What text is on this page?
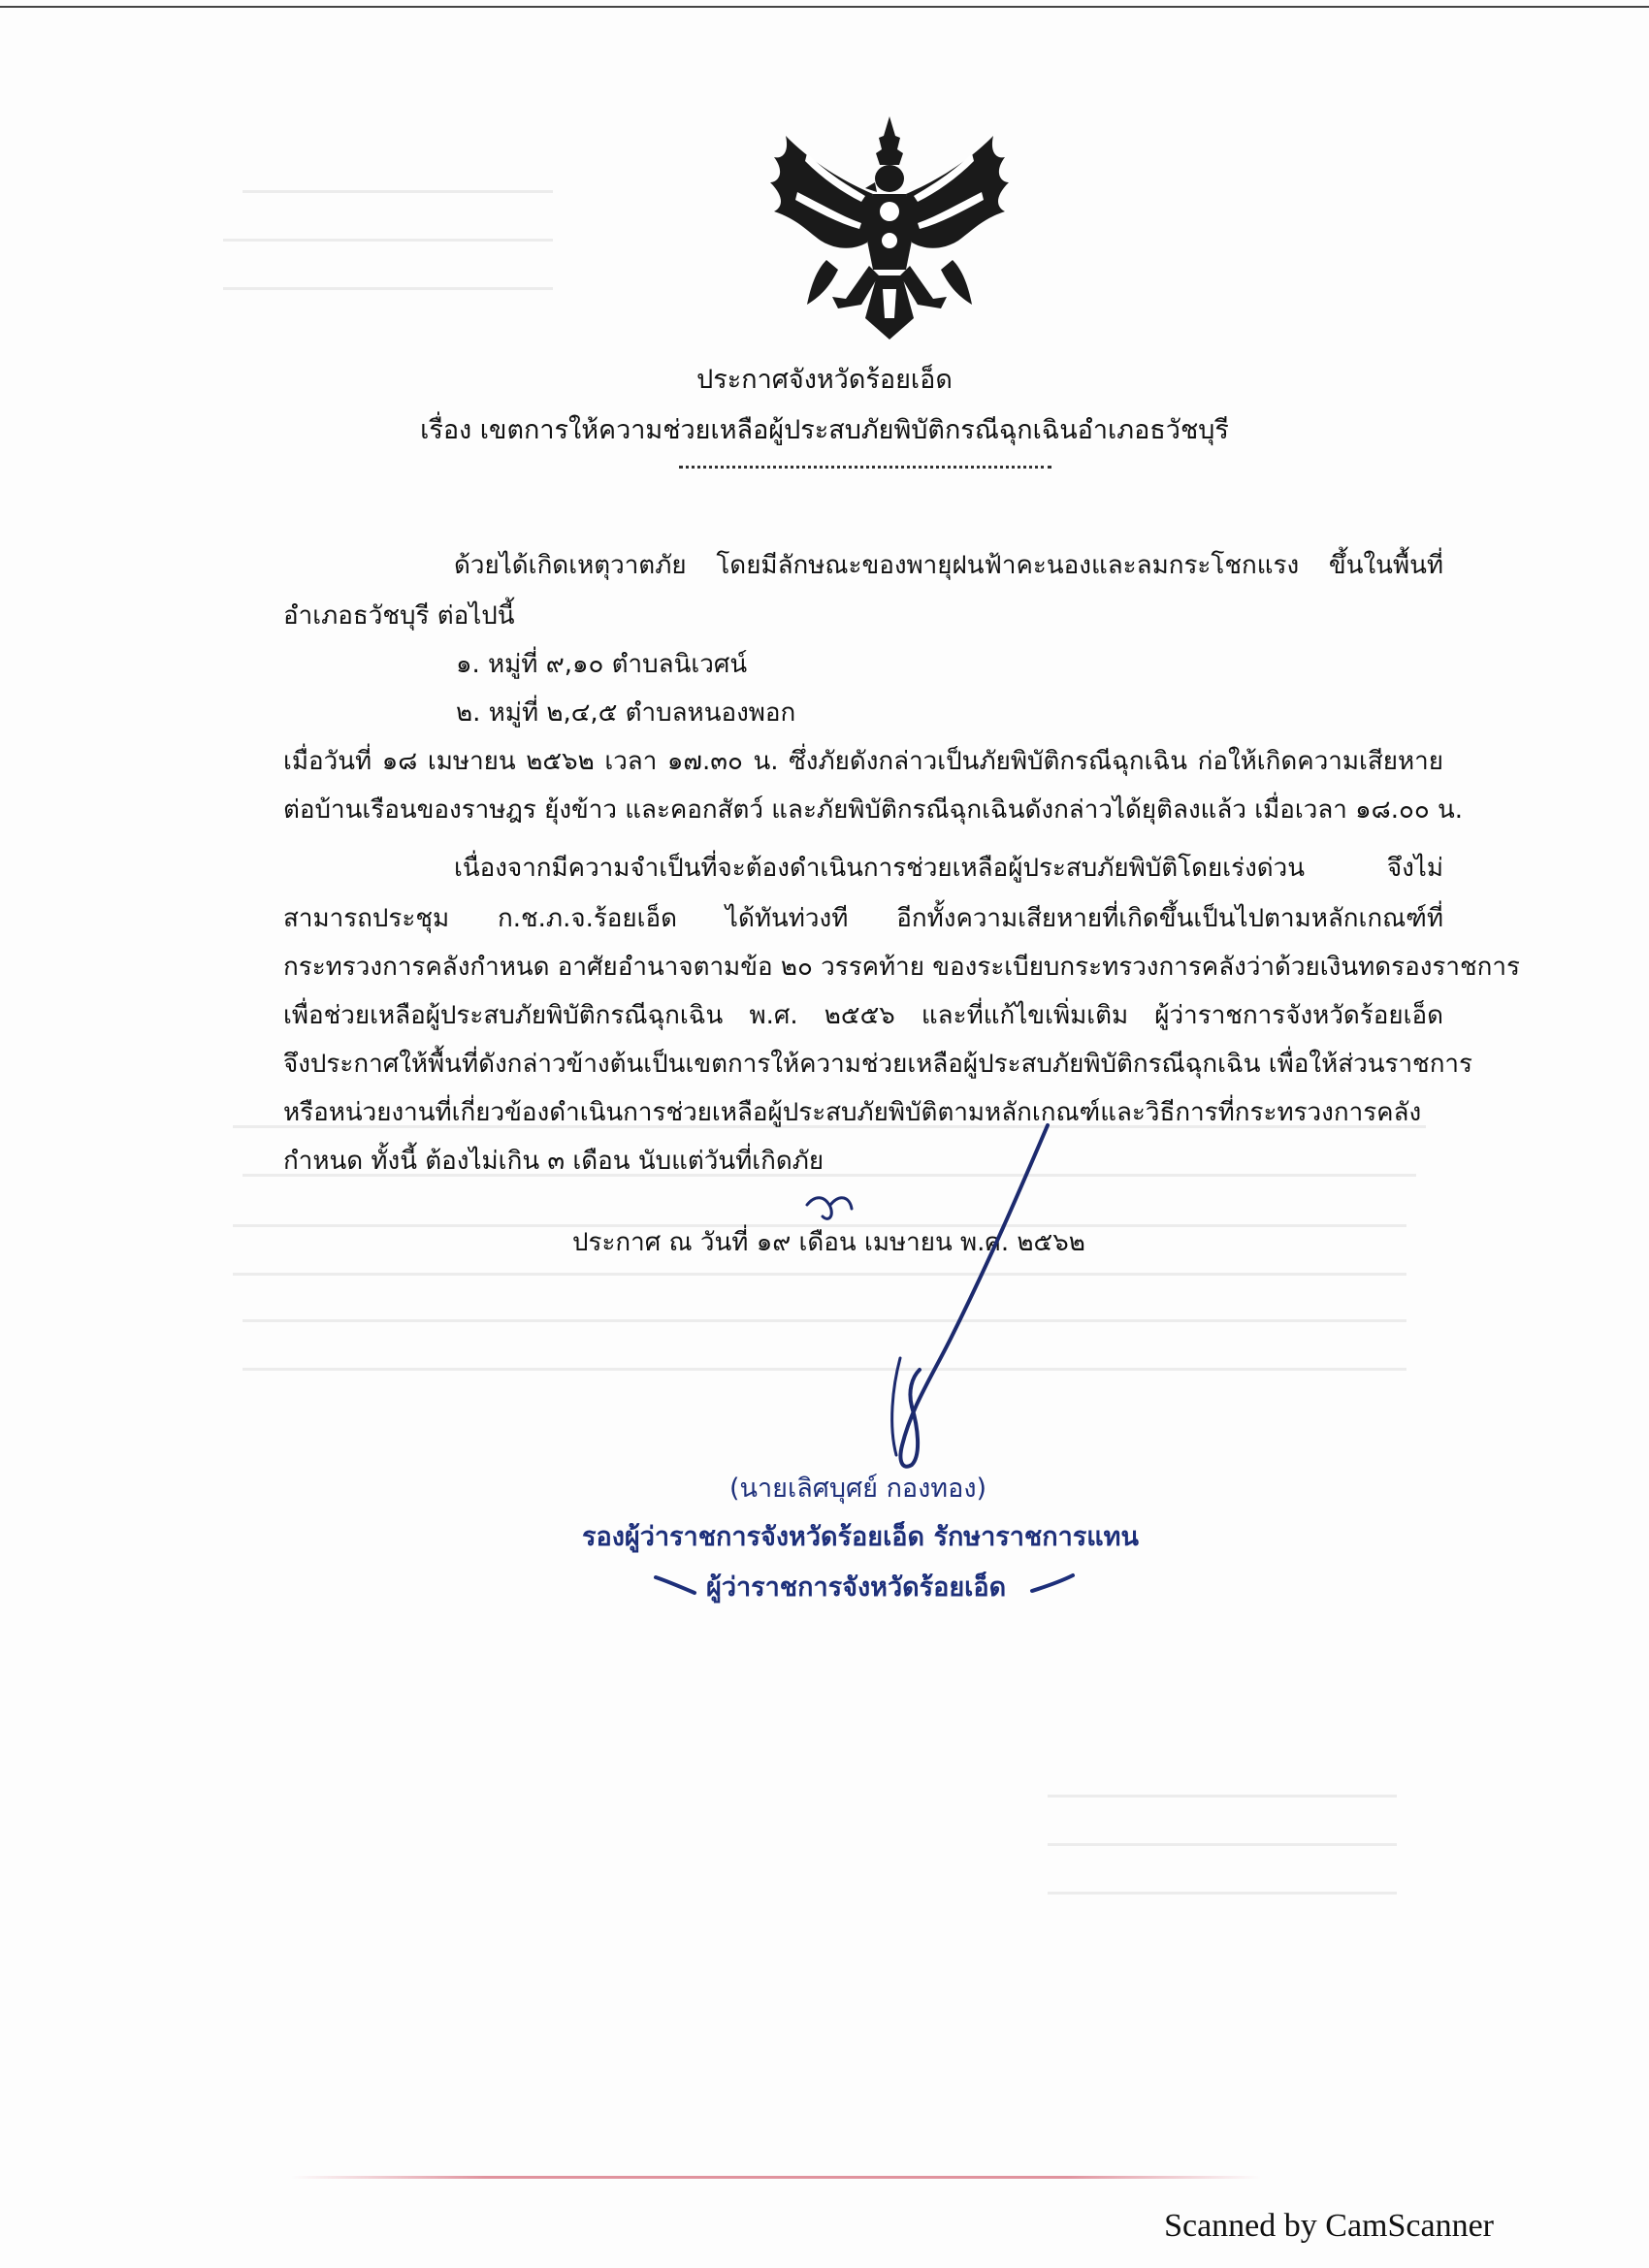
ประกาศจังหวัดร้อยเอ็ด
เรื่อง เขตการให้ความช่วยเหลือผู้ประสบภัยพิบัติกรณีฉุกเฉินอำเภอธวัชบุรี
ด้วยได้เกิดเหตุวาตภัย โดยมีลักษณะของพายุฝนฟ้าคะนองและลมกระโชกแรง ขึ้นในพื้นที่
อำเภอธวัชบุรี ต่อไปนี้
๑. หมู่ที่ ๙,๑๐ ตำบลนิเวศน์
๒. หมู่ที่ ๒,๔,๕ ตำบลหนองพอก
เมื่อวันที่ ๑๘ เมษายน ๒๕๖๒ เวลา ๑๗.๓๐ น. ซึ่งภัยดังกล่าวเป็นภัยพิบัติกรณีฉุกเฉิน ก่อให้เกิดความเสียหาย
ต่อบ้านเรือนของราษฎร ยุ้งข้าว และคอกสัตว์ และภัยพิบัติกรณีฉุกเฉินดังกล่าวได้ยุติลงแล้ว เมื่อเวลา ๑๘.๐๐ น.
เนื่องจากมีความจำเป็นที่จะต้องดำเนินการช่วยเหลือผู้ประสบภัยพิบัติโดยเร่งด่วน จึงไม่
สามารถประชุม ก.ช.ภ.จ.ร้อยเอ็ด ได้ทันท่วงที อีกทั้งความเสียหายที่เกิดขึ้นเป็นไปตามหลักเกณฑ์ที่
กระทรวงการคลังกำหนด อาศัยอำนาจตามข้อ ๒๐ วรรคท้าย ของระเบียบกระทรวงการคลังว่าด้วยเงินทดรองราชการ
เพื่อช่วยเหลือผู้ประสบภัยพิบัติกรณีฉุกเฉิน พ.ศ. ๒๕๕๖ และที่แก้ไขเพิ่มเติม ผู้ว่าราชการจังหวัดร้อยเอ็ด
จึงประกาศให้พื้นที่ดังกล่าวข้างต้นเป็นเขตการให้ความช่วยเหลือผู้ประสบภัยพิบัติกรณีฉุกเฉิน เพื่อให้ส่วนราชการ
หรือหน่วยงานที่เกี่ยวข้องดำเนินการช่วยเหลือผู้ประสบภัยพิบัติตามหลักเกณฑ์และวิธีการที่กระทรวงการคลัง
กำหนด ทั้งนี้ ต้องไม่เกิน ๓ เดือน นับแต่วันที่เกิดภัย
ประกาศ ณ วันที่ ๑๙ เดือน เมษายน พ.ศ. ๒๕๖๒
(นายเลิศบุศย์ กองทอง)
รองผู้ว่าราชการจังหวัดร้อยเอ็ด รักษาราชการแทน
ผู้ว่าราชการจังหวัดร้อยเอ็ด
Scanned by CamScanner
